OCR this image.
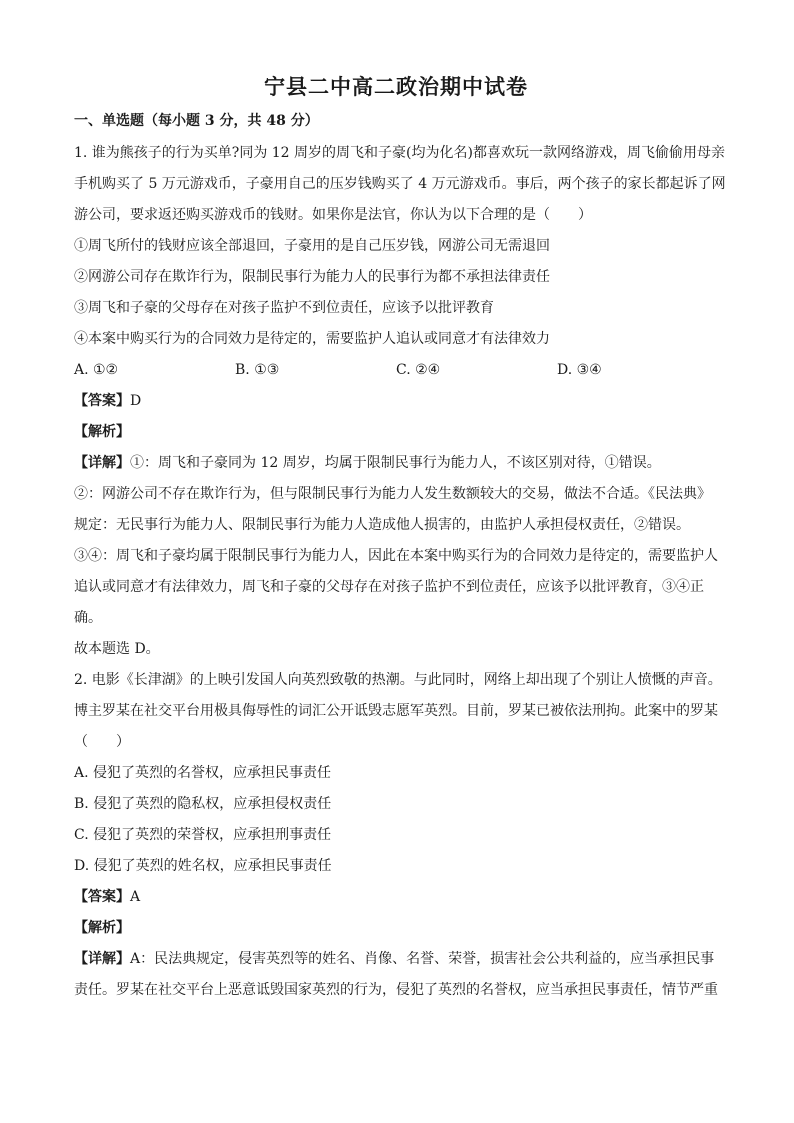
宁县二中高二政治期中试卷
一、单选题（每小题 3 分，共 48 分）
1. 谁为熊孩子的行为买单?同为 12 周岁的周飞和子豪(均为化名)都喜欢玩一款网络游戏，周飞偷偷用母亲
手机购买了 5 万元游戏币，子豪用自己的压岁钱购买了 4 万元游戏币。事后，两个孩子的家长都起诉了网
游公司，要求返还购买游戏币的钱财。如果你是法官，你认为以下合理的是（　　）
①周飞所付的钱财应该全部退回，子豪用的是自己压岁钱，网游公司无需退回
②网游公司存在欺诈行为，限制民事行为能力人的民事行为都不承担法律责任
③周飞和子豪的父母存在对孩子监护不到位责任，应该予以批评教育
④本案中购买行为的合同效力是待定的，需要监护人追认或同意才有法律效力
A. ①②	B. ①③	C. ②④	D. ③④
【答案】D
【解析】
【详解】①：周飞和子豪同为 12 周岁，均属于限制民事行为能力人，不该区别对待，①错误。
②：网游公司不存在欺诈行为，但与限制民事行为能力人发生数额较大的交易，做法不合适。《民法典》
规定：无民事行为能力人、限制民事行为能力人造成他人损害的，由监护人承担侵权责任，②错误。
③④：周飞和子豪均属于限制民事行为能力人，因此在本案中购买行为的合同效力是待定的，需要监护人
追认或同意才有法律效力，周飞和子豪的父母存在对孩子监护不到位责任，应该予以批评教育，③④正
确。
故本题选 D。
2. 电影《长津湖》的上映引发国人向英烈致敬的热潮。与此同时，网络上却出现了个别让人愤慨的声音。
博主罗某在社交平台用极具侮辱性的词汇公开诋毁志愿军英烈。目前，罗某已被依法刑拘。此案中的罗某
（　　）
A. 侵犯了英烈的名誉权，应承担民事责任
B. 侵犯了英烈的隐私权，应承担侵权责任
C. 侵犯了英烈的荣誉权，应承担刑事责任
D. 侵犯了英烈的姓名权，应承担民事责任
【答案】A
【解析】
【详解】A：民法典规定，侵害英烈等的姓名、肖像、名誉、荣誉，损害社会公共利益的，应当承担民事
责任。罗某在社交平台上恶意诋毁国家英烈的行为，侵犯了英烈的名誉权，应当承担民事责任，情节严重
